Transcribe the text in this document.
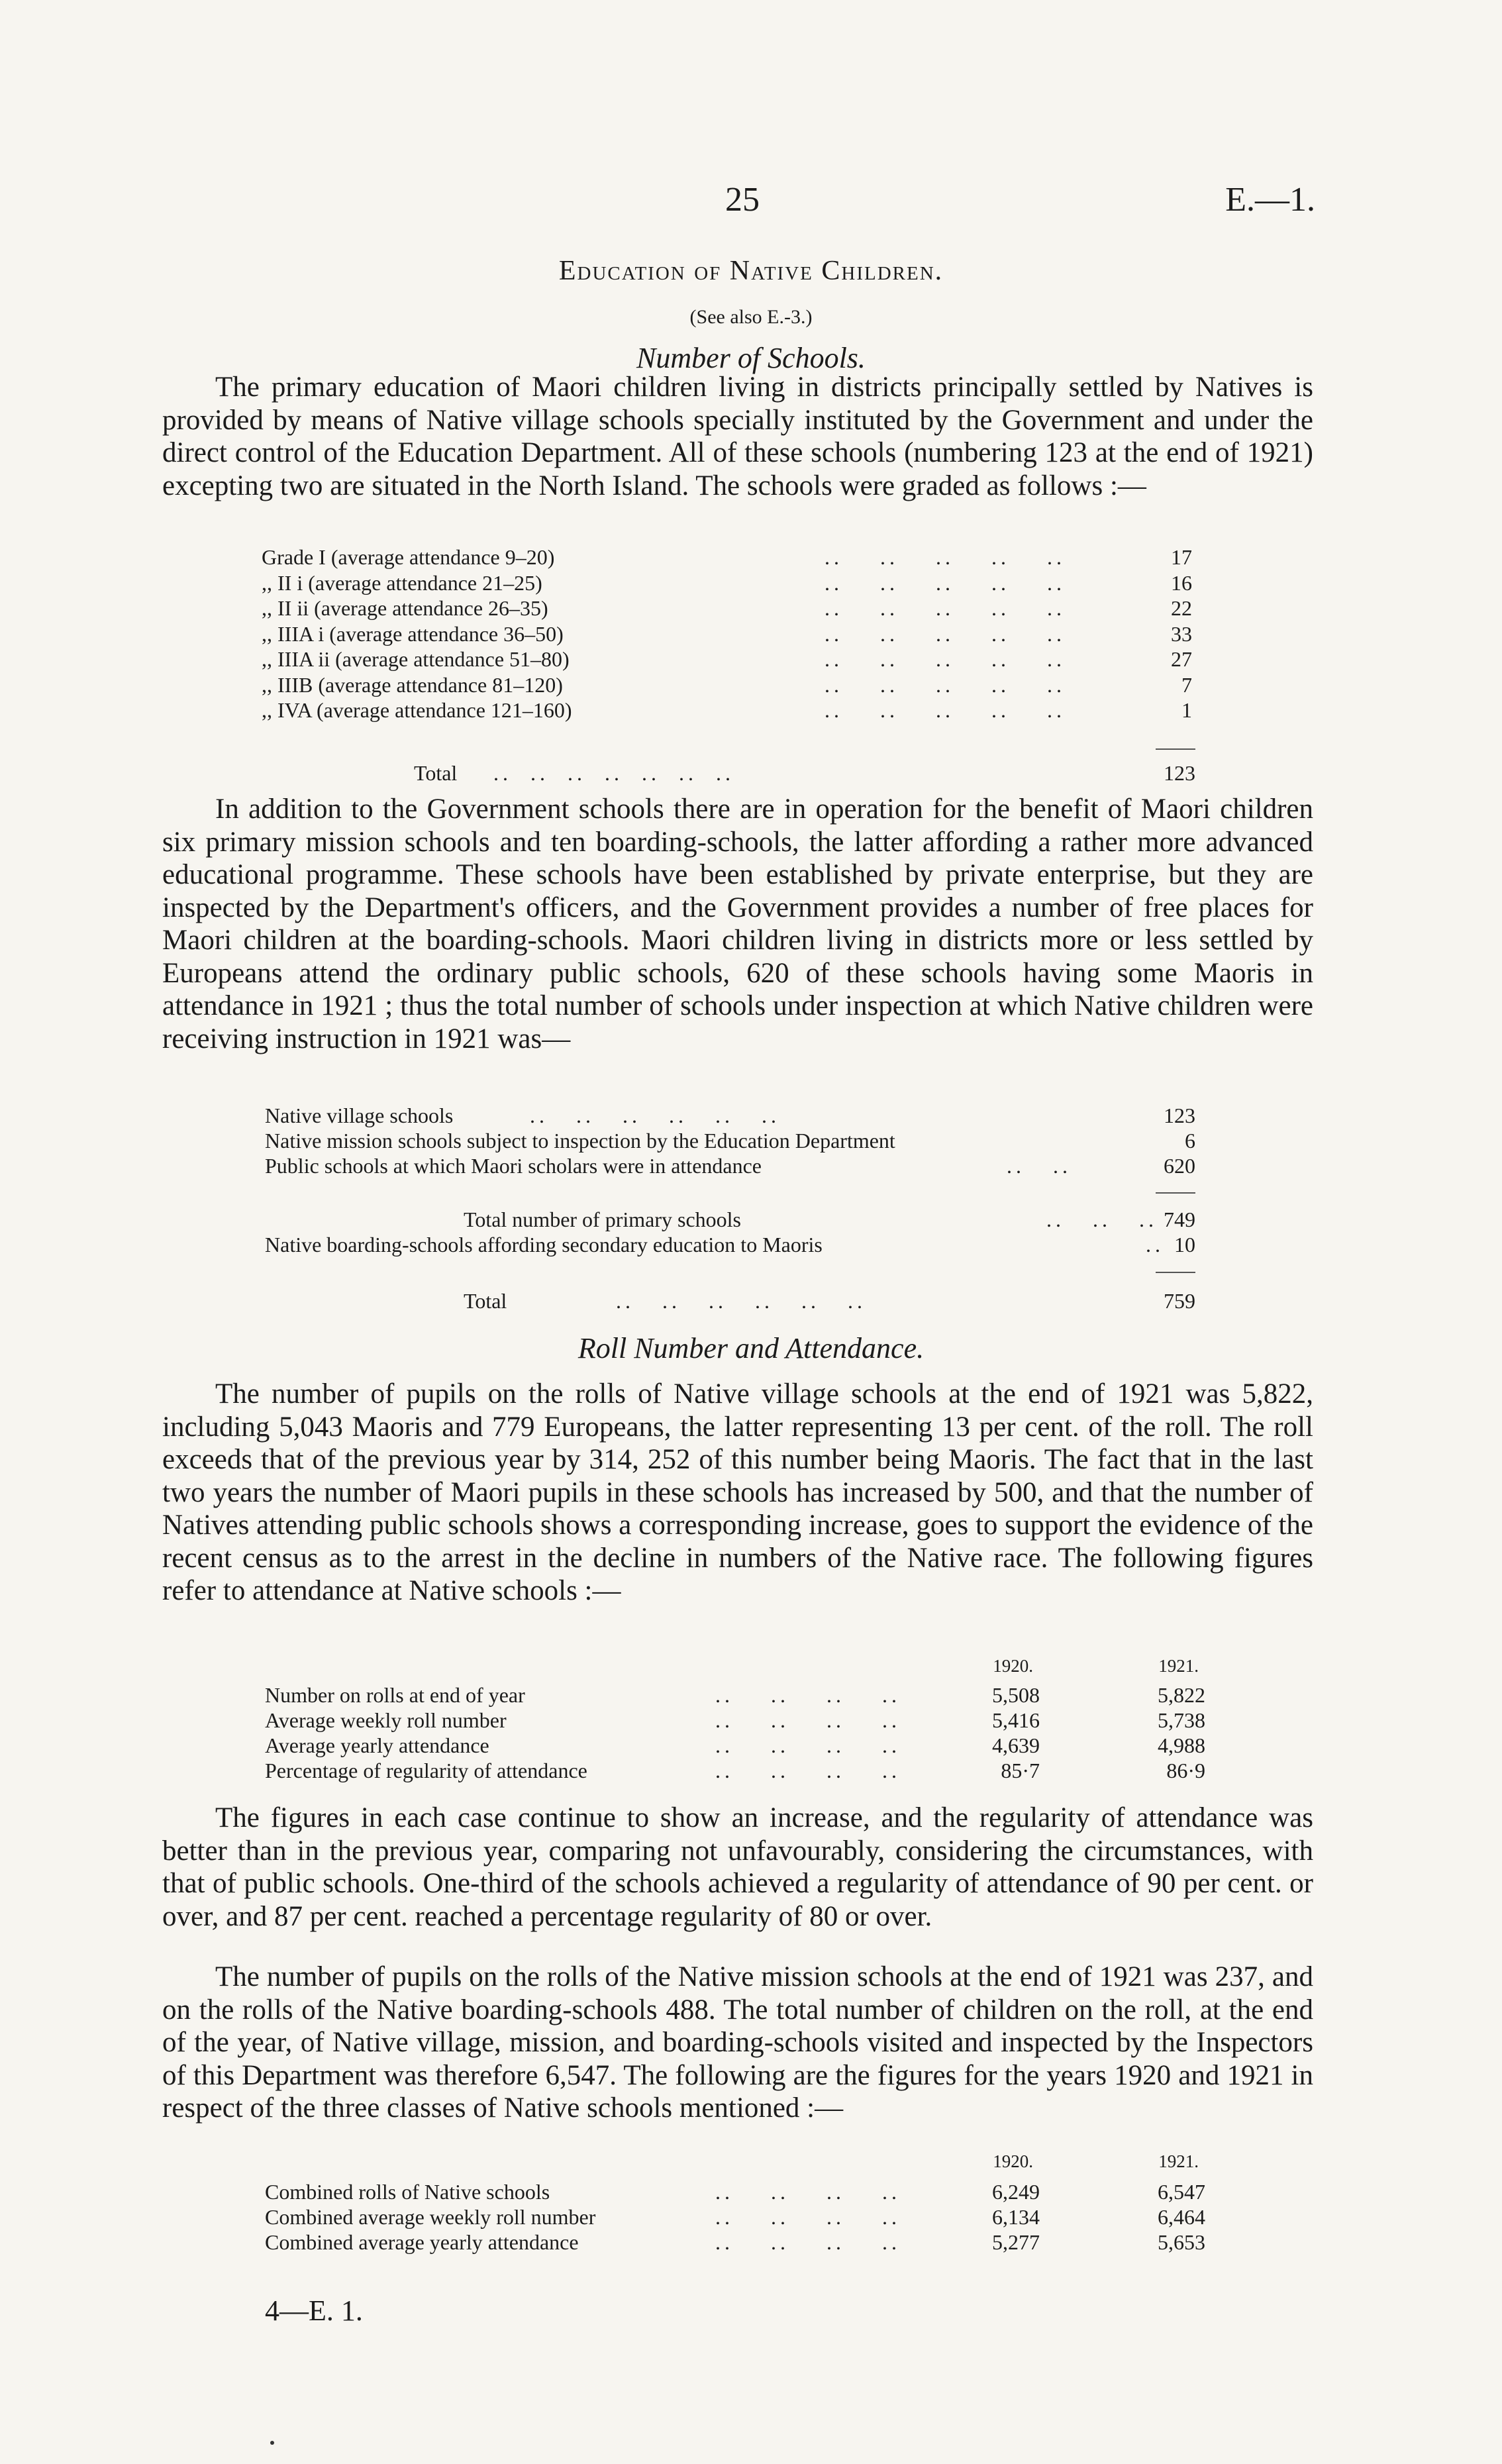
25	E.—1.
Education of Native Children.
(See also E.-3.)
Number of Schools.

The primary education of Maori children living in districts principally settled by Natives is provided by means of Native village schools specially instituted by the Government and under the direct control of the Education Department. All of these schools (numbering 123 at the end of 1921) excepting two are situated in the North Island. The schools were graded as follows :—

Grade I (average attendance 9–20)	..    ..    ..    ..    ..	17
,, II i (average attendance 21–25)	..    ..    ..    ..    ..	16
,, II ii (average attendance 26–35)	..    ..    ..    ..    ..	22
,, IIIA i (average attendance 36–50)	..    ..    ..    ..    ..	33
,, IIIA ii (average attendance 51–80)	..    ..    ..    ..    ..	27
,, IIIB (average attendance 81–120)	..    ..    ..    ..    ..	7
,, IVA (average attendance 121–160)	..    ..    ..    ..    ..	1
Total ..  ..  ..  ..  ..  ..  ..	123

In addition to the Government schools there are in operation for the benefit of Maori children six primary mission schools and ten boarding-schools, the latter affording a rather more advanced educational programme. These schools have been established by private enterprise, but they are inspected by the Department's officers, and the Government provides a number of free places for Maori children at the boarding-schools. Maori children living in districts more or less settled by Europeans attend the ordinary public schools, 620 of these schools having some Maoris in attendance in 1921 ; thus the total number of schools under inspection at which Native children were receiving instruction in 1921 was—

Native village schools	..   ..   ..   ..   ..   ..	123
Native mission schools subject to inspection by the Education Department	6
Public schools at which Maori scholars were in attendance	..   ..	620
Total number of primary schools	..   ..   .. 749
Native boarding-schools affording secondary education to Maoris	.. 10
Total	..   ..   ..   ..   ..   ..	759
Roll Number and Attendance.

The number of pupils on the rolls of Native village schools at the end of 1921 was 5,822, including 5,043 Maoris and 779 Europeans, the latter representing 13 per cent. of the roll. The roll exceeds that of the previous year by 314, 252 of this number being Maoris. The fact that in the last two years the number of Maori pupils in these schools has increased by 500, and that the number of Natives attending public schools shows a corresponding increase, goes to support the evidence of the recent census as to the arrest in the decline in numbers of the Native race. The following figures refer to attendance at Native schools :—

1920.	1921.
Number on rolls at end of year	..    ..    ..    ..	5,508	5,822
Average weekly roll number	..    ..    ..    ..	5,416	5,738
Average yearly attendance	..    ..    ..    ..	4,639	4,988
Percentage of regularity of attendance	..    ..    ..    ..	85·7	86·9

The figures in each case continue to show an increase, and the regularity of attendance was better than in the previous year, comparing not unfavourably, considering the circumstances, with that of public schools. One-third of the schools achieved a regularity of attendance of 90 per cent. or over, and 87 per cent. reached a percentage regularity of 80 or over.

The number of pupils on the rolls of the Native mission schools at the end of 1921 was 237, and on the rolls of the Native boarding-schools 488. The total number of children on the roll, at the end of the year, of Native village, mission, and boarding-schools visited and inspected by the Inspectors of this Department was therefore 6,547. The following are the figures for the years 1920 and 1921 in respect of the three classes of Native schools mentioned :—

1920.	1921.
Combined rolls of Native schools	..    ..    ..    ..	6,249	6,547
Combined average weekly roll number	..    ..    ..    ..	6,134	6,464
Combined average yearly attendance	..    ..    ..    ..	5,277	5,653
4—E. 1.
